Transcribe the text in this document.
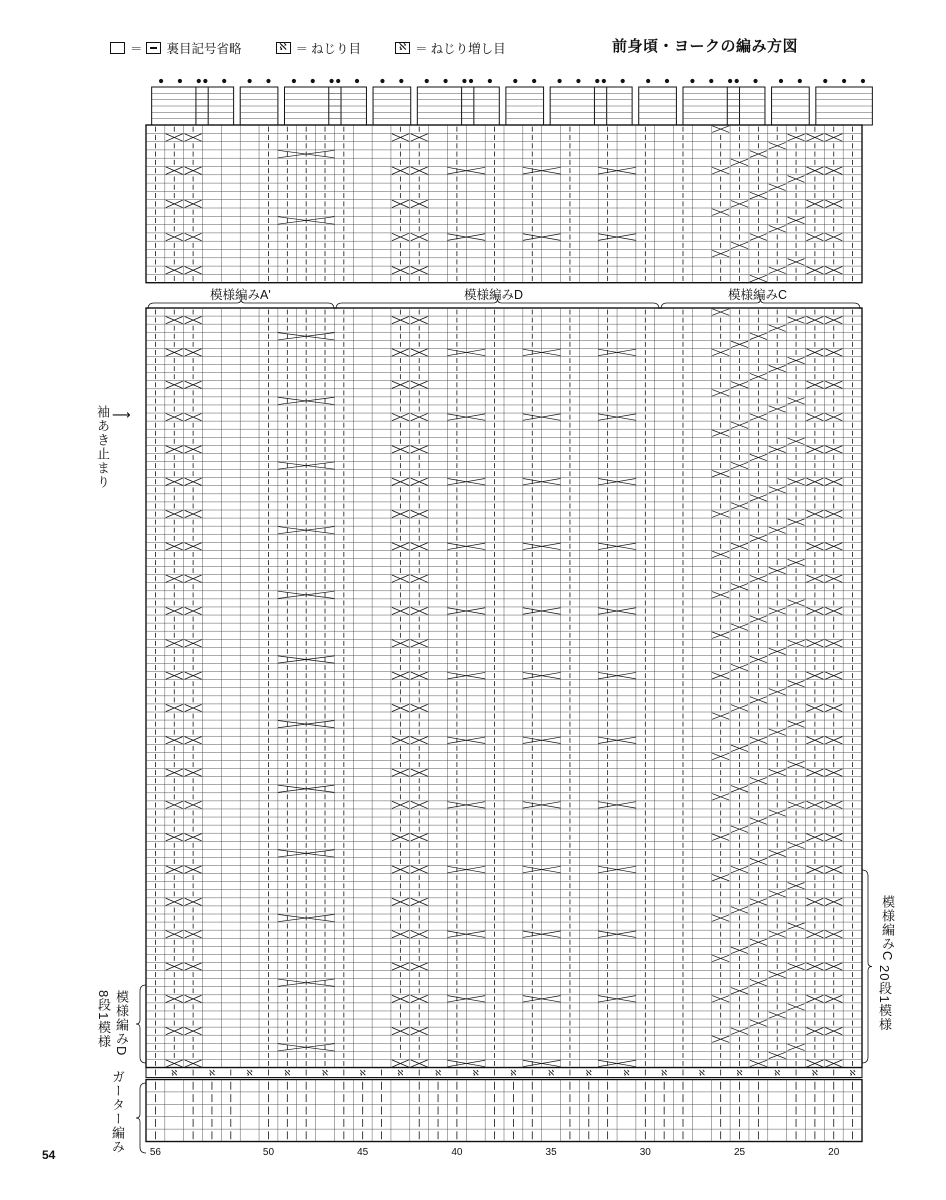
＝ 裏目記号省略	ℵ ＝ ねじり目	ℵ ＝ ねじり増し目	前身頃・ヨークの編み方図
ℵ	ℵ	ℵ	ℵ	ℵ	ℵ	ℵ	ℵ	ℵ	ℵ	ℵ	ℵ	ℵ	ℵ	ℵ	ℵ	ℵ	ℵ	ℵ
56	50	45	40	35	30	25	20
模様編みA'	模様編みD	模様編みC
袖あき止まり ⟶
模様編みD
8段1模様
ガーター編み
模様編みC
20段1模様
54
